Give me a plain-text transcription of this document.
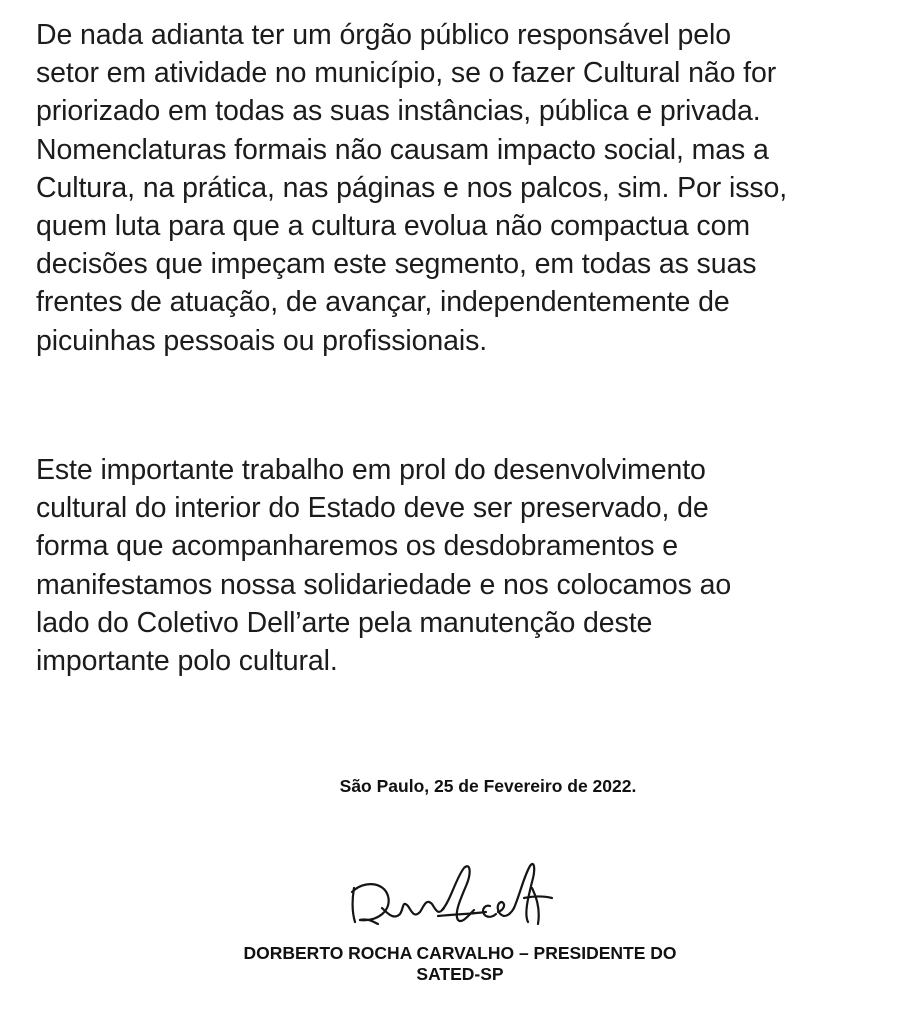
De nada adianta ter um órgão público responsável pelo
setor em atividade no município, se o fazer Cultural não for
priorizado em todas as suas instâncias, pública e privada.
Nomenclaturas formais não causam impacto social, mas a
Cultura, na prática, nas páginas e nos palcos, sim. Por isso,
quem luta para que a cultura evolua não compactua com
decisões que impeçam este segmento, em todas as suas
frentes de atuação, de avançar, independentemente de
picuinhas pessoais ou profissionais.

Este importante trabalho em prol do desenvolvimento
cultural do interior do Estado deve ser preservado, de
forma que acompanharemos os desdobramentos e
manifestamos nossa solidariedade e nos colocamos ao
lado do Coletivo Dell’arte pela manutenção deste
importante polo cultural.

São Paulo, 25 de Fevereiro de 2022.
DORBERTO ROCHA CARVALHO – PRESIDENTE DO
SATED-SP
